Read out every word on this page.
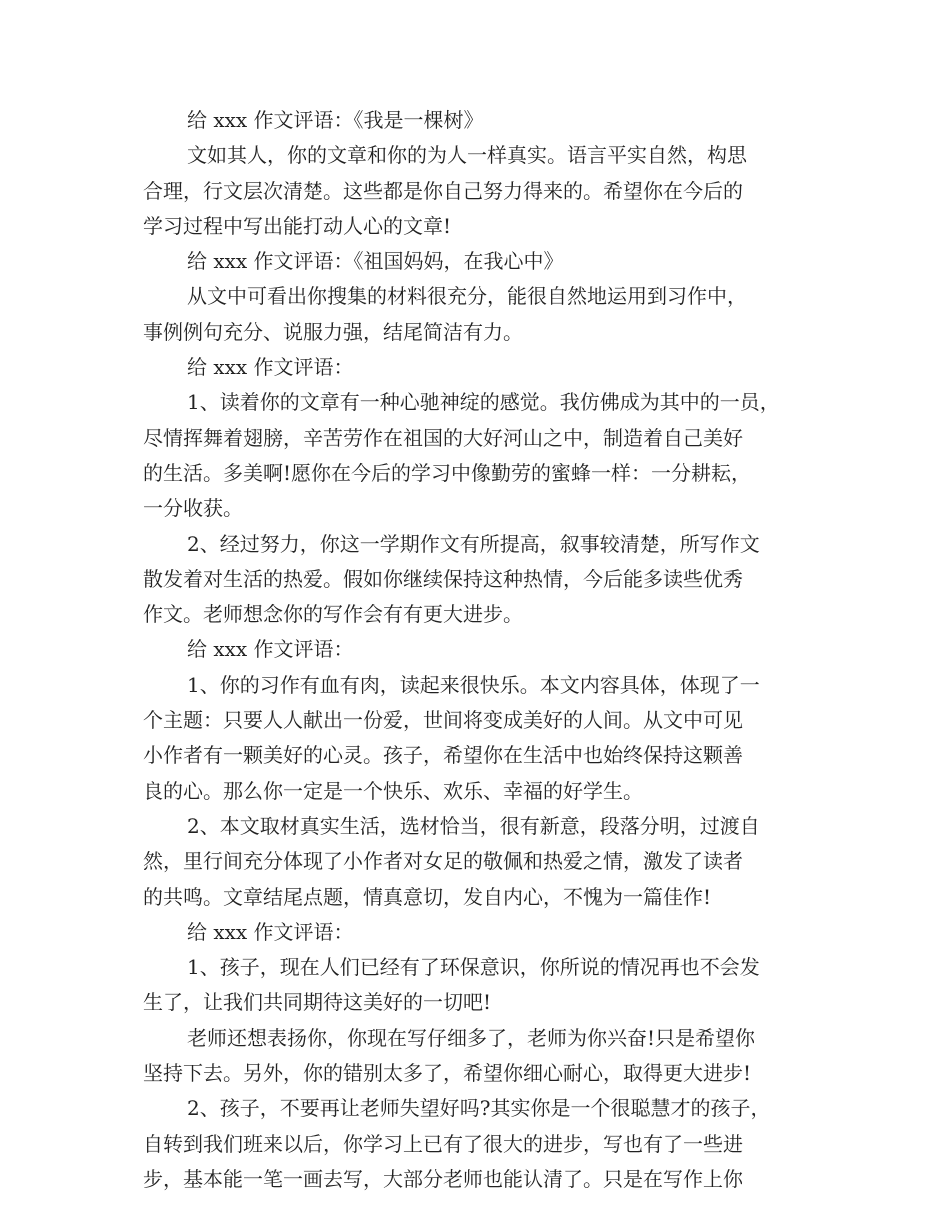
给 xxx 作文评语：《我是一棵树》
文如其人，你的文章和你的为人一样真实。语言平实自然，构思
合理，行文层次清楚。这些都是你自己努力得来的。希望你在今后的
学习过程中写出能打动人心的文章!
给 xxx 作文评语：《祖国妈妈，在我心中》
从文中可看出你搜集的材料很充分，能很自然地运用到习作中，
事例例句充分、说服力强，结尾简洁有力。
给 xxx 作文评语：
1、读着你的文章有一种心驰神绽的感觉。我仿佛成为其中的一员，
尽情挥舞着翅膀，辛苦劳作在祖国的大好河山之中，制造着自己美好
的生活。多美啊!愿你在今后的学习中像勤劳的蜜蜂一样：一分耕耘，
一分收获。
2、经过努力，你这一学期作文有所提高，叙事较清楚，所写作文
散发着对生活的热爱。假如你继续保持这种热情，今后能多读些优秀
作文。老师想念你的写作会有有更大进步。
给 xxx 作文评语：
1、你的习作有血有肉，读起来很快乐。本文内容具体，体现了一
个主题：只要人人献出一份爱，世间将变成美好的人间。从文中可见
小作者有一颗美好的心灵。孩子，希望你在生活中也始终保持这颗善
良的心。那么你一定是一个快乐、欢乐、幸福的好学生。
2、本文取材真实生活，选材恰当，很有新意，段落分明，过渡自
然，里行间充分体现了小作者对女足的敬佩和热爱之情，激发了读者
的共鸣。文章结尾点题，情真意切，发自内心，不愧为一篇佳作!
给 xxx 作文评语：
1、孩子，现在人们已经有了环保意识，你所说的情况再也不会发
生了，让我们共同期待这美好的一切吧!
老师还想表扬你，你现在写仔细多了，老师为你兴奋!只是希望你
坚持下去。另外，你的错别太多了，希望你细心耐心，取得更大进步!
2、孩子，不要再让老师失望好吗?其实你是一个很聪慧才的孩子，
自转到我们班来以后，你学习上已有了很大的进步，写也有了一些进
步，基本能一笔一画去写，大部分老师也能认清了。只是在写作上你
